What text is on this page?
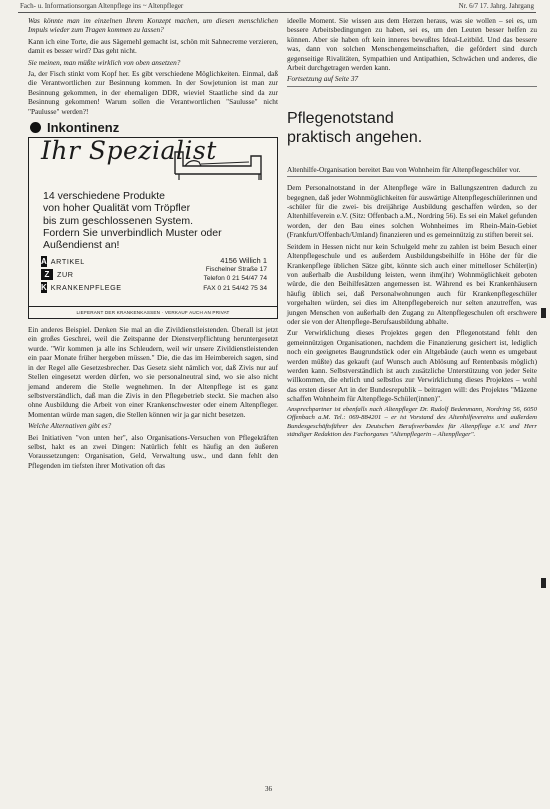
Fach- u. Informationsorgan Altenpflege ins ~ Altenpfleger	Nr. 6/7 17. Jahrg. Jahrgang

Was könnte man im einzelnen Ihrem Konzept machen, um diesen menschlichen Impuls wieder zum Tragen kommen zu lassen?

Kann ich eine Torte, die aus Sägemehl gemacht ist, schön mit Sahnecreme verzieren, damit es besser wird? Das geht nicht.

Sie meinen, man müßte wirklich von oben ansetzen?

Ja, der Fisch stinkt vom Kopf her. Es gibt verschiedene Möglichkeiten. Einmal, daß die Verantwortlichen zur Besinnung kommen. In der Sowjetunion ist man zur Besinnung gekommen, in der ehemaligen DDR, wieviel Staatliche sind da zur Besinnung gekommen! Warum sollen die Verantwortlichen "Saulusse" nicht "Paulusse" werden?!

Inkontinenz
Ihr Spezialist
14 verschiedene Produkte
von hoher Qualität vom Tröpfler
bis zum geschlossenen System.
Fordern Sie unverbindlich Muster oder
Außendienst an!
A ARTIKEL
Z	ZUR
K KRANKENPFLEGE
4156 Willich 1
Fischelner Straße 17
Telefon 0 21 54/47 74
FAX 0 21 54/42 75 34
LIEFERANT DER KRANKENKASSEN · VERKAUF AUCH AN PRIVAT

Ein anderes Beispiel. Denken Sie mal an die Zivildienstleistenden. Überall ist jetzt ein großes Geschrei, weil die Zeitspanne der Dienstverpflichtung heruntergesetzt wurde. "Wir kommen ja alle ins Schleudern, weil wir unsere Zivildienstleistenden ein paar Monate früher hergeben müssen." Die, die das im Heimbereich sagen, sind in der Regel alle Gesetzesbrecher. Das Gesetz sieht nämlich vor, daß Zivis nur auf Stellen eingesetzt werden dürfen, wo sie personalneutral sind, wo sie also nicht jemand anderem die Stelle wegnehmen. In der Altenpflege ist es ganz selbstverständlich, daß man die Zivis in den Pflegebetrieb steckt. Sie machen also ohne Ausbildung die Arbeit von einer Krankenschwester oder einem Altenpfleger. Momentan würde man sagen, die Stellen können wir ja gar nicht besetzen.

Welche Alternativen gibt es?

Bei Initiativen "von unten her", also Organisations-Versuchen von Pflegekräften selbst, hakt es an zwei Dingen: Natürlich fehlt es häufig an den äußeren Voraussetzungen: Organisation, Geld, Verwaltung usw., und dann fehlt den Pflegenden im tiefsten ihrer Motivation oft das

ideelle Moment. Sie wissen aus dem Herzen heraus, was sie wollen – sei es, um bessere Arbeitsbedingungen zu haben, sei es, um den Leuten besser helfen zu können. Aber sie haben oft kein inneres bewußtes Ideal-Leitbild. Und das bessere was, dann von solchen Menschengemeinschaften, die gefördert sind durch gegenseitige Rivalitäten, Sympathien und Antipathien, Schwächen und anderes, die Arbeit durchgetragen werden kann.

Fortsetzung auf Seite 37

Pflegenotstand
praktisch angehen.

Altenhilfe-Organisation bereitet Bau von Wohnheim für Altenpflegeschüler vor.

Dem Personalnotstand in der Altenpflege wäre in Ballungszentren dadurch zu begegnen, daß jeder Wohnmöglichkeiten für auswärtige Altenpflegeschülerinnen und -schüler für die zwei- bis dreijährige Ausbildung geschaffen würden, so der Altenhilfeverein e.V. (Sitz: Offenbach a.M., Nordring 56). Es sei ein Makel gefunden worden, der den Bau eines solchen Wohnheimes im Rhein-Main-Gebiet (Frankfurt/Offenbach/Umland) finanzieren und es gemeinnützig zu stiften bereit sei.

Seitdem in Hessen nicht nur kein Schulgeld mehr zu zahlen ist beim Besuch einer Altenpflegeschule und es außerdem Ausbildungsbeihilfe in Höhe der für die Krankenpflege üblichen Sätze gibt, könnte sich auch einer mittelloser Schüler(in) von außerhalb die Ausbildung leisten, wenn ihm(ihr) Wohnmöglichkeit geboten würde, die den Beihilfesätzen angemessen ist. Während es bei Krankenhäusern häufig üblich sei, daß Personalwohnungen auch für Krankenpflegeschüler vorgehalten würden, sei dies im Altenpflegebereich nur selten anzutreffen, was jungen Menschen von außerhalb den Zugang zu Altenpflegeschulen oft erschwere oder sie von der Altenpflege-Berufsausbildung abhalte.

Zur Verwirklichung dieses Projektes gegen den Pflegenotstand fehlt den gemeinnützigen Organisationen, nachdem die Finanzierung gesichert ist, lediglich noch ein geeignetes Baugrundstück oder ein Altgebäude (auch wenn es umgebaut werden müßte) das gekauft (auf Wunsch auch Ablösung auf Rentenbasis möglich) werden kann. Selbstverständlich ist auch zusätzliche Unterstützung von jeder Seite willkommen, die ehrlich und selbstlos zur Verwirklichung dieses Projektes – wohl das ersten dieser Art in der Bundesrepublik – beitragen will: des Projektes "Mäzene schaffen Wohnheim für Altenpflege-Schüler(innen)".

Ansprechpartner ist ebenfalls nach Altenpfleger Dr. Rudolf Bedenmann, Nordring 56, 6050 Offenbach a.M. Tel.: 069-884201 – er ist Vorstand des Altenhilfevereins und außerdem Bundesgeschäftsführer des Deutschen Berufsverbandes für Altenpflege e.V. und Herr ständiger Redaktion des Fachorganes "Altenpflegerin – Altenpfleger".

36
